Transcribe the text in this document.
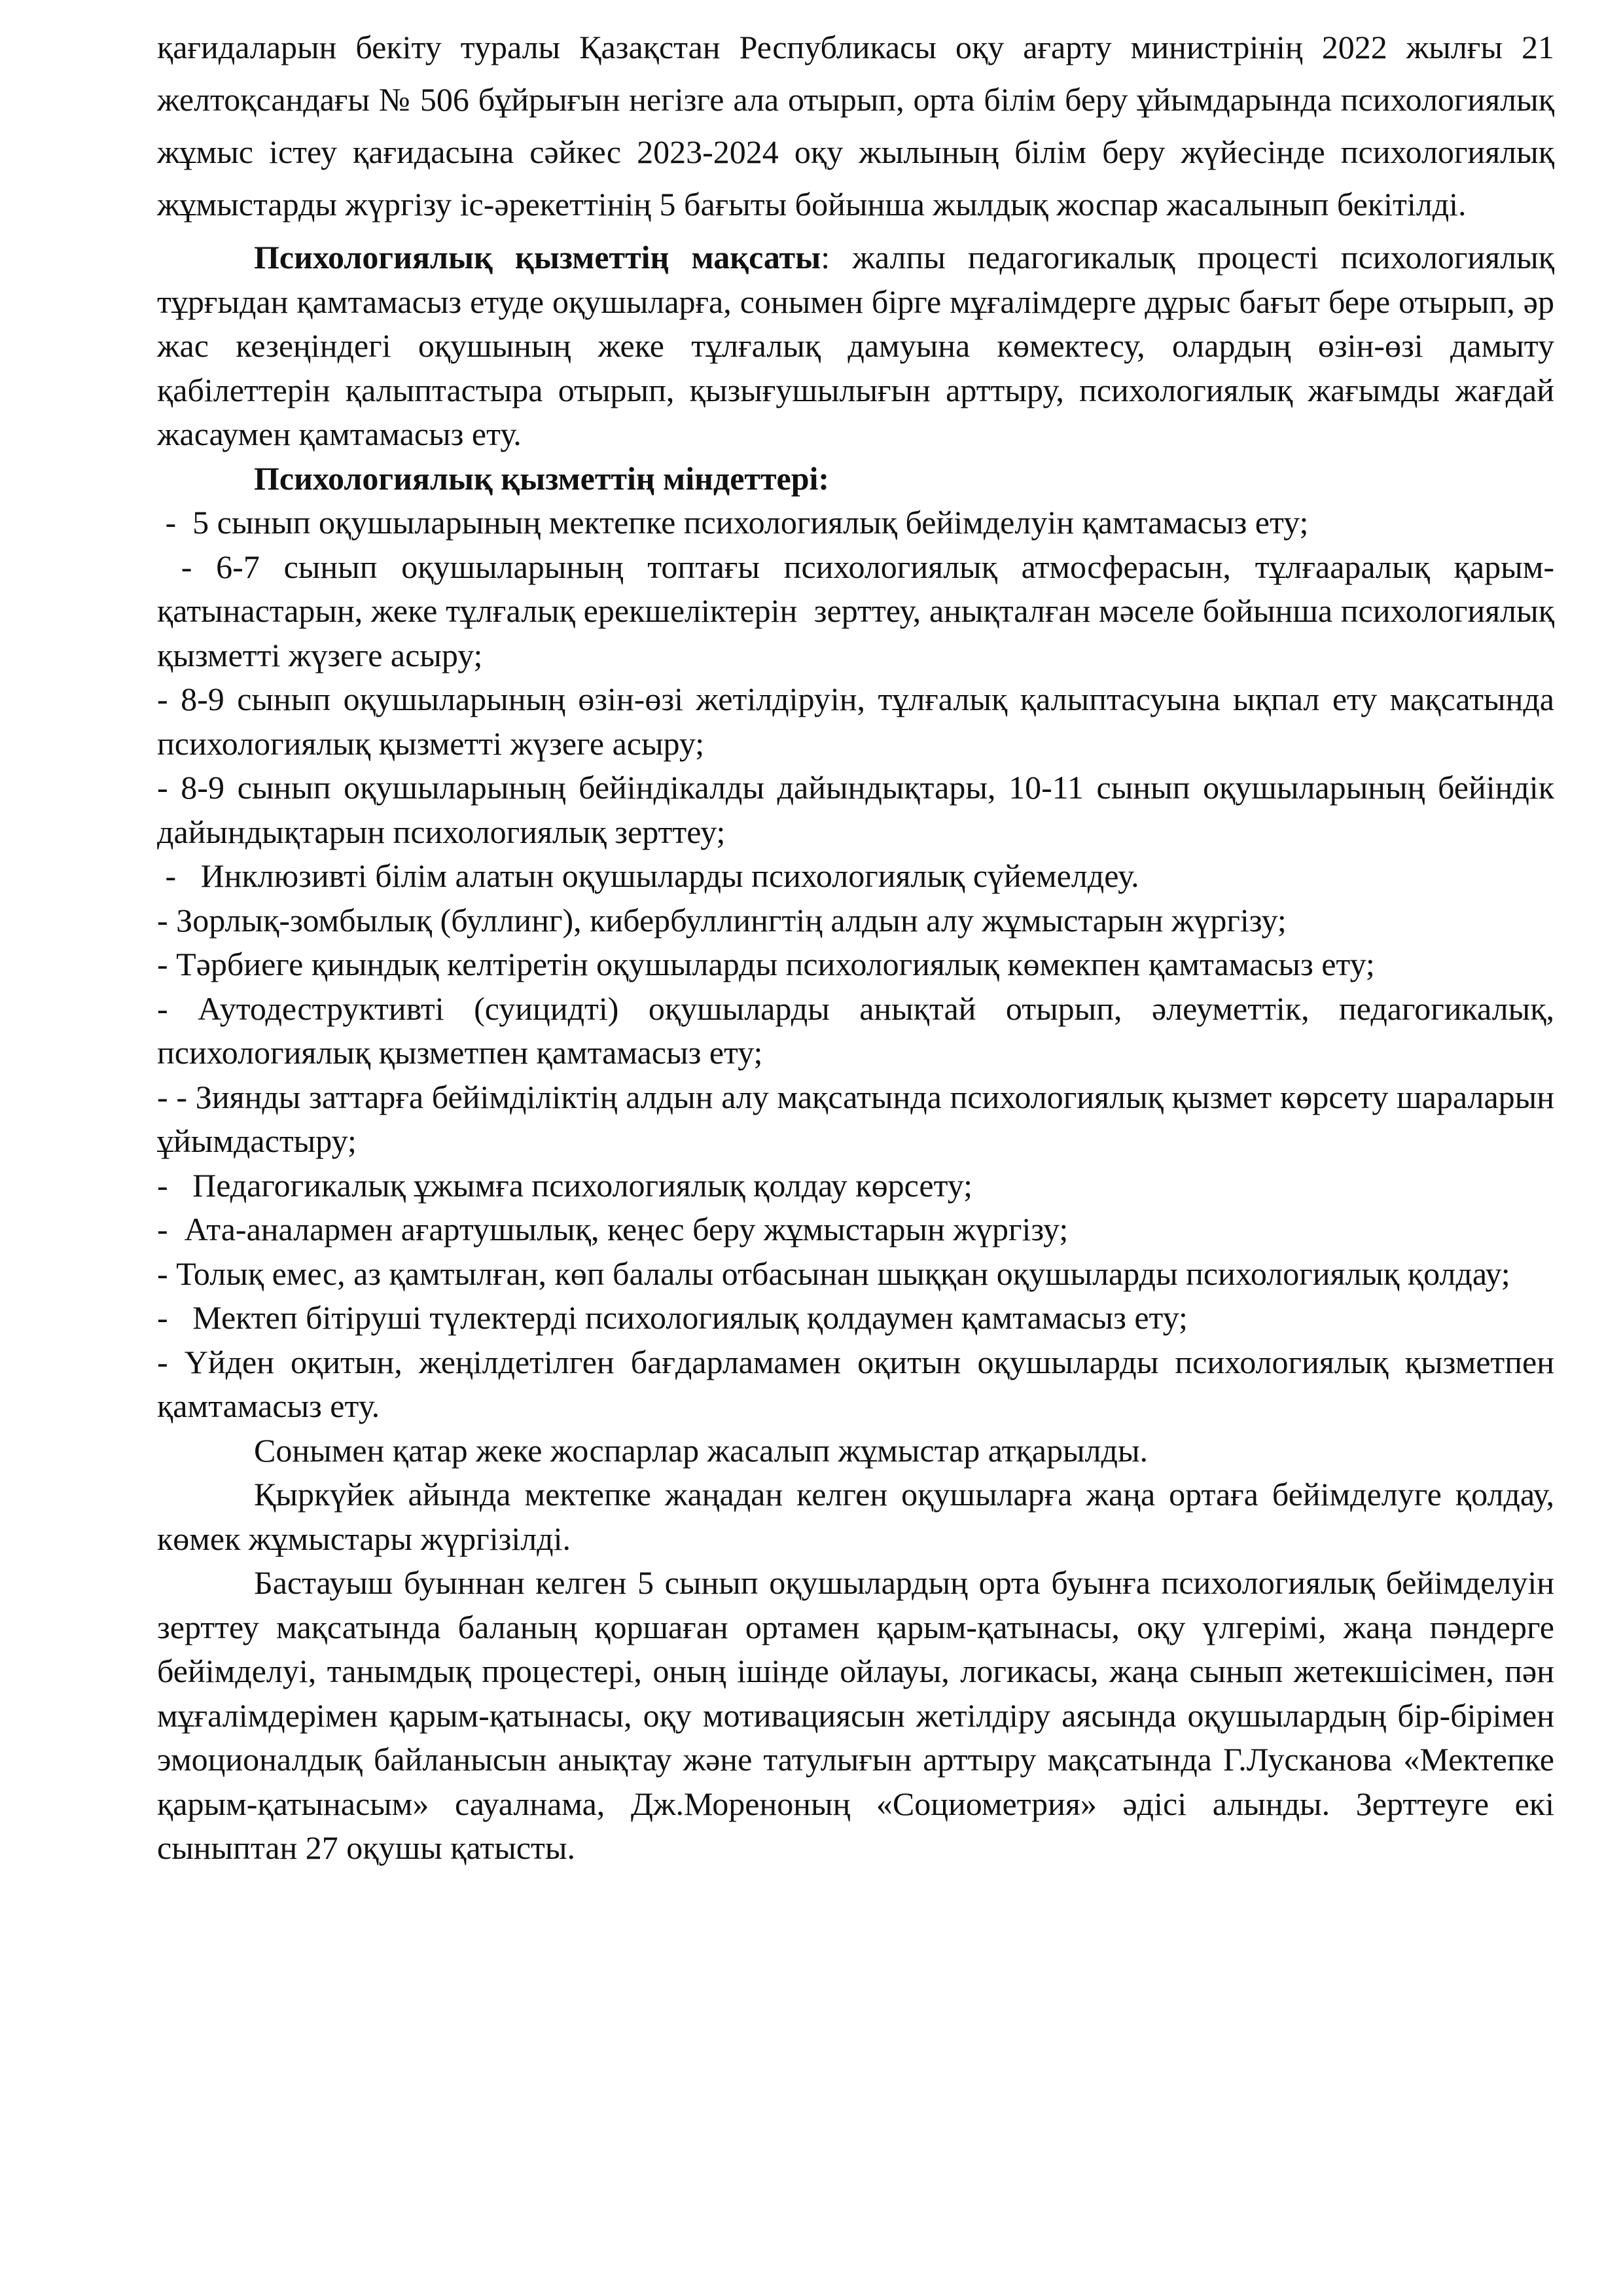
қағидаларын бекіту туралы Қазақстан Республикасы оқу ағарту министрінің 2022 жылғы 21 желтоқсандағы № 506 бұйрығын негізге ала отырып, орта білім беру ұйымдарында психологиялық жұмыс істеу қағидасына сәйкес 2023-2024 оқу жылының білім беру жүйесінде психологиялық жұмыстарды жүргізу іс-әрекеттінің 5 бағыты бойынша жылдық жоспар жасалынып бекітілді.

Психологиялық қызметтің мақсаты: жалпы педагогикалық процесті психологиялық тұрғыдан қамтамасыз етуде оқушыларға, сонымен бірге мұғалімдерге дұрыс бағыт бере отырып, әр жас кезеңіндегі оқушының жеке тұлғалық дамуына көмектесу, олардың өзін-өзі дамыту қабілеттерін қалыптастыра отырып, қызығушылығын арттыру, психологиялық жағымды жағдай жасаумен қамтамасыз ету.

Психологиялық қызметтің міндеттері:

-  5 сынып оқушыларының мектепке психологиялық бейімделуін қамтамасыз ету;

- 6-7 сынып оқушыларының топтағы психологиялық атмосферасын, тұлғааралық қарым-қатынастарын, жеке тұлғалық ерекшеліктерін  зерттеу, анықталған мәселе бойынша психологиялық қызметті жүзеге асыру;

- 8-9 сынып оқушыларының өзін-өзі жетілдіруін, тұлғалық қалыптасуына ықпал ету мақсатында психологиялық қызметті жүзеге асыру;

- 8-9 сынып оқушыларының бейіндікалды дайындықтары, 10-11 сынып оқушыларының бейіндік дайындықтарын психологиялық зерттеу;

-   Инклюзивті білім алатын оқушыларды психологиялық сүйемелдеу.

- Зорлық-зомбылық (буллинг), кибербуллингтің алдын алу жұмыстарын жүргізу;

- Тәрбиеге қиындық келтіретін оқушыларды психологиялық көмекпен қамтамасыз ету;

- Аутодеструктивті (суицидті) оқушыларды анықтай отырып, әлеуметтік, педагогикалық, психологиялық қызметпен қамтамасыз ету;

- - Зиянды заттарға бейімділіктің алдын алу мақсатында психологиялық қызмет көрсету шараларын ұйымдастыру;

-   Педагогикалық ұжымға психологиялық қолдау көрсету;

-  Ата-аналармен ағартушылық, кеңес беру жұмыстарын жүргізу;

- Толық емес, аз қамтылған, көп балалы отбасынан шыққан оқушыларды психологиялық қолдау;

-   Мектеп бітіруші түлектерді психологиялық қолдаумен қамтамасыз ету;

- Үйден оқитын, жеңілдетілген бағдарламамен оқитын оқушыларды психологиялық қызметпен қамтамасыз ету.

Сонымен қатар жеке жоспарлар жасалып жұмыстар атқарылды.

Қыркүйек айында мектепке жаңадан келген оқушыларға жаңа ортаға бейімделуге қолдау, көмек жұмыстары жүргізілді.

Бастауыш буыннан келген 5 сынып оқушылардың орта буынға психологиялық бейімделуін зерттеу мақсатында баланың қоршаған ортамен қарым-қатынасы, оқу үлгерімі, жаңа пәндерге бейімделуі, танымдық процестері, оның ішінде ойлауы, логикасы, жаңа сынып жетекшісімен, пән мұғалімдерімен қарым-қатынасы, оқу мотивациясын жетілдіру аясында оқушылардың бір-бірімен эмоционалдық байланысын анықтау және татулығын арттыру мақсатында Г.Лусканова «Мектепке қарым-қатынасым» сауалнама, Дж.Мореноның «Социометрия» әдісі алынды. Зерттеуге екі сыныптан 27 оқушы қатысты.
